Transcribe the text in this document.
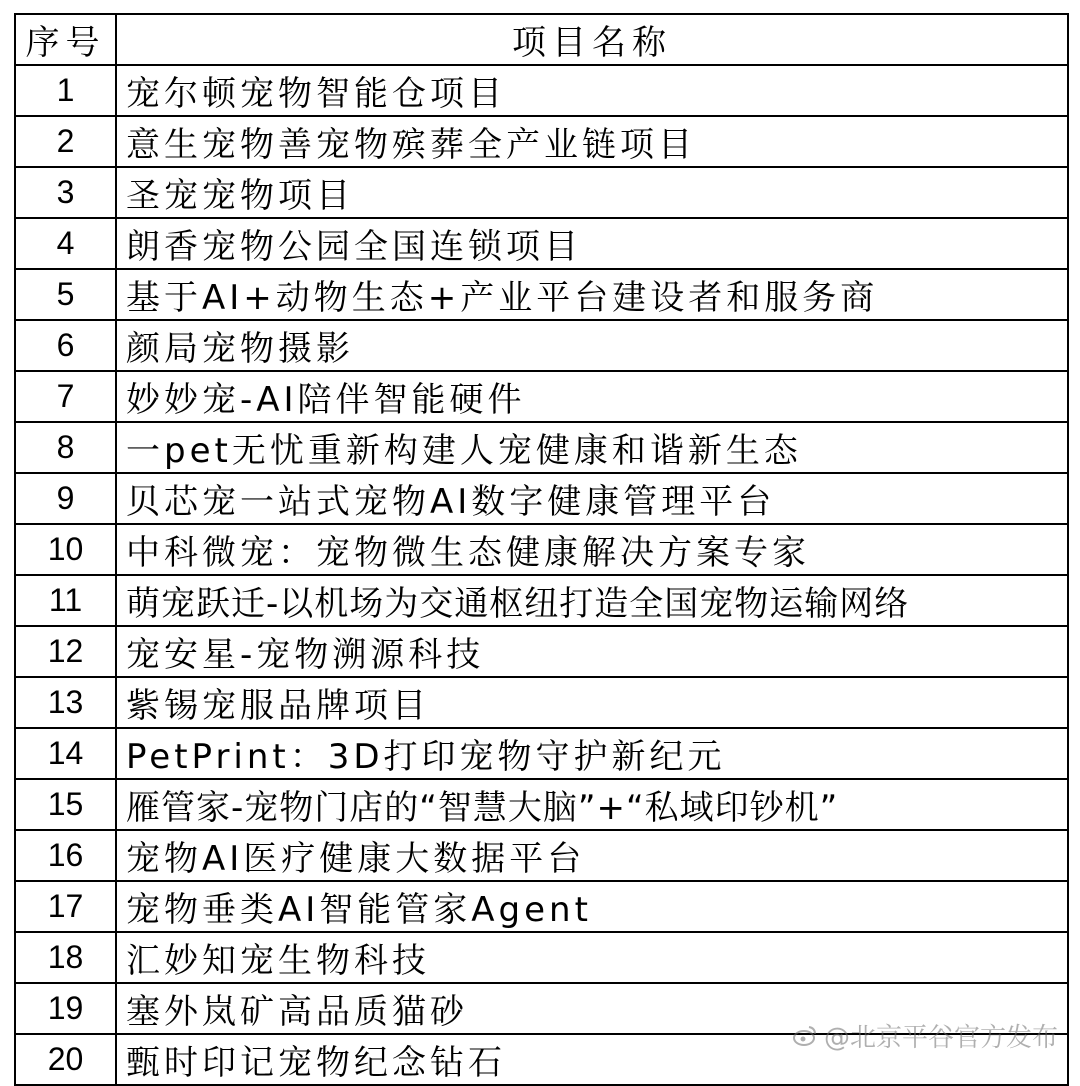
序号	项目名称
1	宠尔顿宠物智能仓项目
2	意生宠物善宠物殡葬全产业链项目
3	圣宠宠物项目
4	朗香宠物公园全国连锁项目
5	基于AI+动物生态+产业平台建设者和服务商
6	颜局宠物摄影
7	妙妙宠-AI陪伴智能硬件
8	一pet无忧重新构建人宠健康和谐新生态
9	贝芯宠一站式宠物AI数字健康管理平台
10	中科微宠：宠物微生态健康解决方案专家
11	萌宠跃迁-以机场为交通枢纽打造全国宠物运输网络
12	宠安星-宠物溯源科技
13	紫锡宠服品牌项目
14	PetPrint：3D打印宠物守护新纪元
15	雁管家-宠物门店的“智慧大脑”+“私域印钞机”
16	宠物AI医疗健康大数据平台
17	宠物垂类AI智能管家Agent
18	汇妙知宠生物科技
19	塞外岚矿高品质猫砂
20	甄时印记宠物纪念钻石
@北京平谷官方发布
